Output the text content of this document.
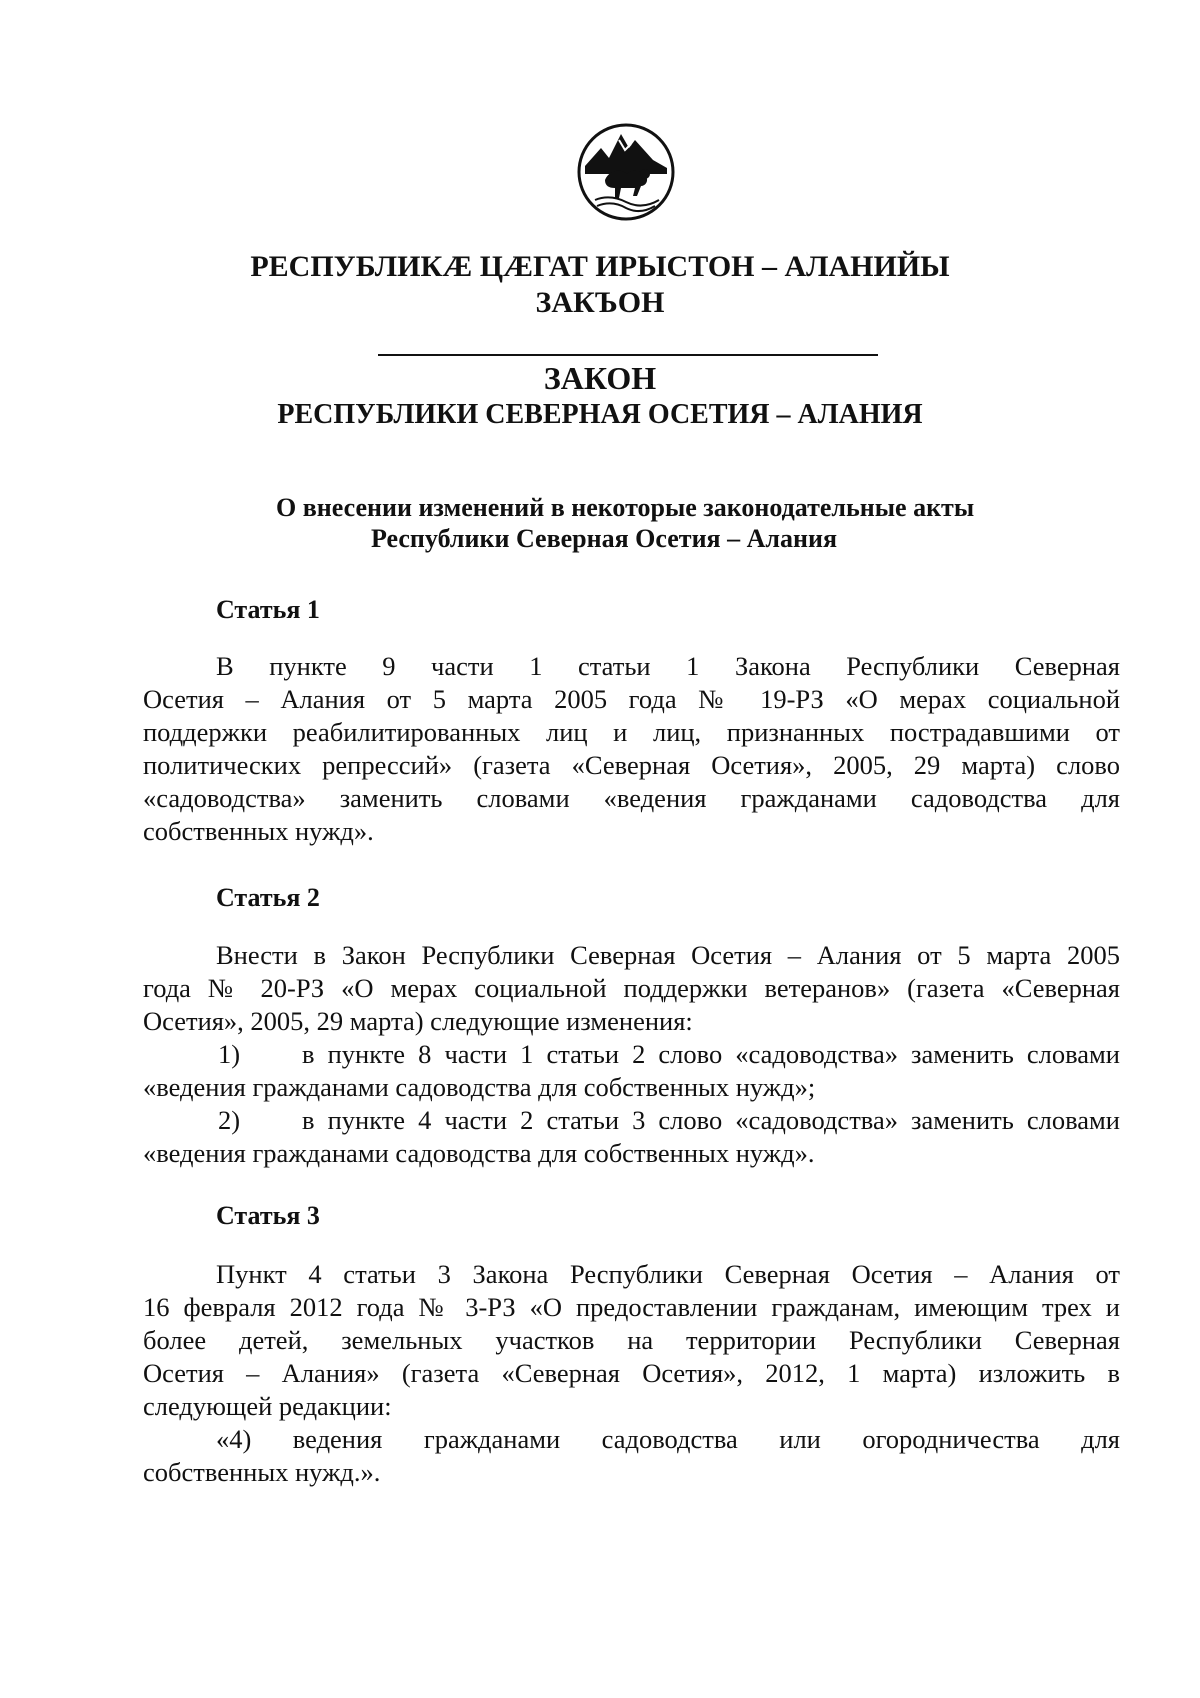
РЕСПУБЛИКÆ ЦÆГАТ ИРЫСТОН – АЛАНИЙЫ
ЗАКЪОН
ЗАКОН
РЕСПУБЛИКИ СЕВЕРНАЯ ОСЕТИЯ – АЛАНИЯ
О внесении изменений в некоторые законодательные акты
Республики Северная Осетия – Алания
Статья 1
В пункте 9 части 1 статьи 1 Закона Республики Северная
Осетия – Алания от 5 марта 2005 года № 19-РЗ «О мерах социальной
поддержки реабилитированных лиц и лиц, признанных пострадавшими от
политических репрессий» (газета «Северная Осетия», 2005, 29 марта) слово
«садоводства» заменить словами «ведения гражданами садоводства для
собственных нужд».
Статья 2
Внести в Закон Республики Северная Осетия – Алания от 5 марта 2005
года № 20-РЗ «О мерах социальной поддержки ветеранов» (газета «Северная
Осетия», 2005, 29 марта) следующие изменения:
1) в пункте 8 части 1 статьи 2 слово «садоводства» заменить словами
«ведения гражданами садоводства для собственных нужд»;
2) в пункте 4 части 2 статьи 3 слово «садоводства» заменить словами
«ведения гражданами садоводства для собственных нужд».
Статья 3
Пункт 4 статьи 3 Закона Республики Северная Осетия – Алания от
16 февраля 2012 года № 3-РЗ «О предоставлении гражданам, имеющим трех и
более детей, земельных участков на территории Республики Северная
Осетия – Алания» (газета «Северная Осетия», 2012, 1 марта) изложить в
следующей редакции:
«4) ведения гражданами садоводства или огородничества для
собственных нужд.».
